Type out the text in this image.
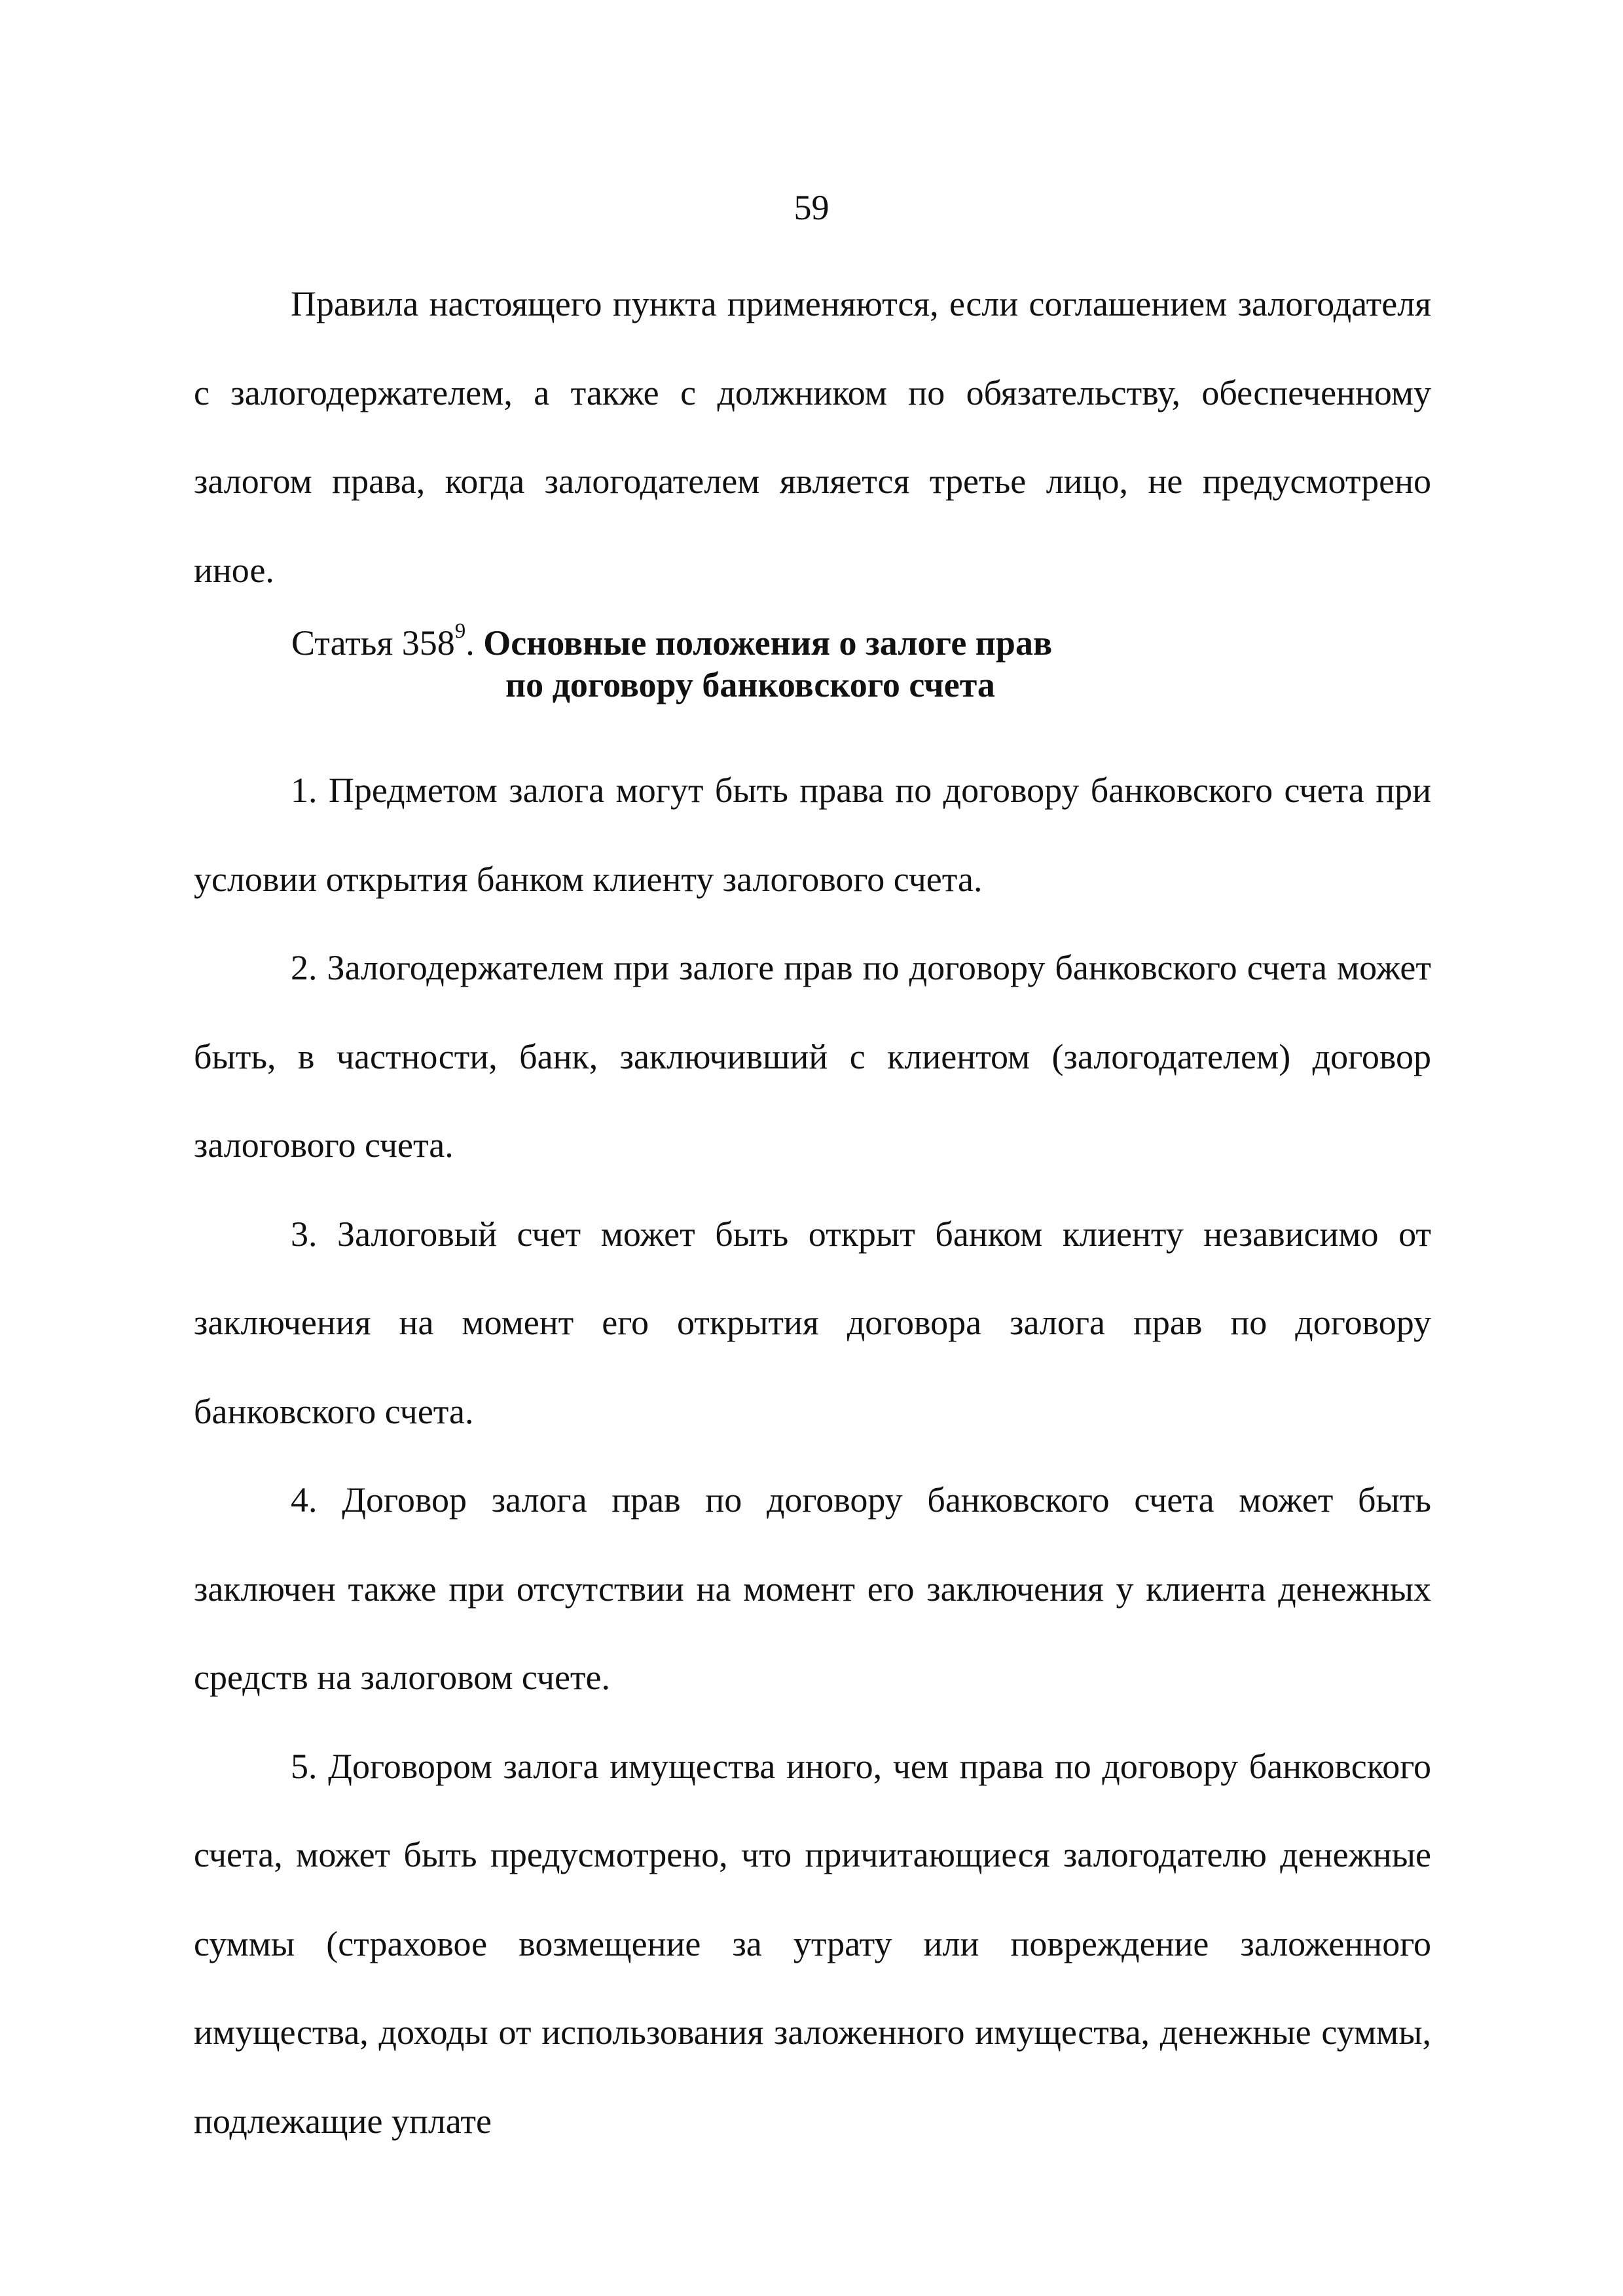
59

Правила настоящего пункта применяются, если соглашением залогодателя с залогодержателем, а также с должником по обязательству, обеспеченному залогом права, когда залогодателем является третье лицо, не предусмотрено иное.

Статья $358^9$. Основные положения о залоге прав
по договору банковского счета

1. Предметом залога могут быть права по договору банковского счета при условии открытия банком клиенту залогового счета.

2. Залогодержателем при залоге прав по договору банковского счета может быть, в частности, банк, заключивший с клиентом (залогодателем) договор залогового счета.

3. Залоговый счет может быть открыт банком клиенту независимо от заключения на момент его открытия договора залога прав по договору банковского счета.

4. Договор залога прав по договору банковского счета может быть заключен также при отсутствии на момент его заключения у клиента денежных средств на залоговом счете.

5. Договором залога имущества иного, чем права по договору банковского счета, может быть предусмотрено, что причитающиеся залогодателю денежные суммы (страховое возмещение за утрату или повреждение заложенного имущества, доходы от использования заложенного имущества, денежные суммы, подлежащие уплате
